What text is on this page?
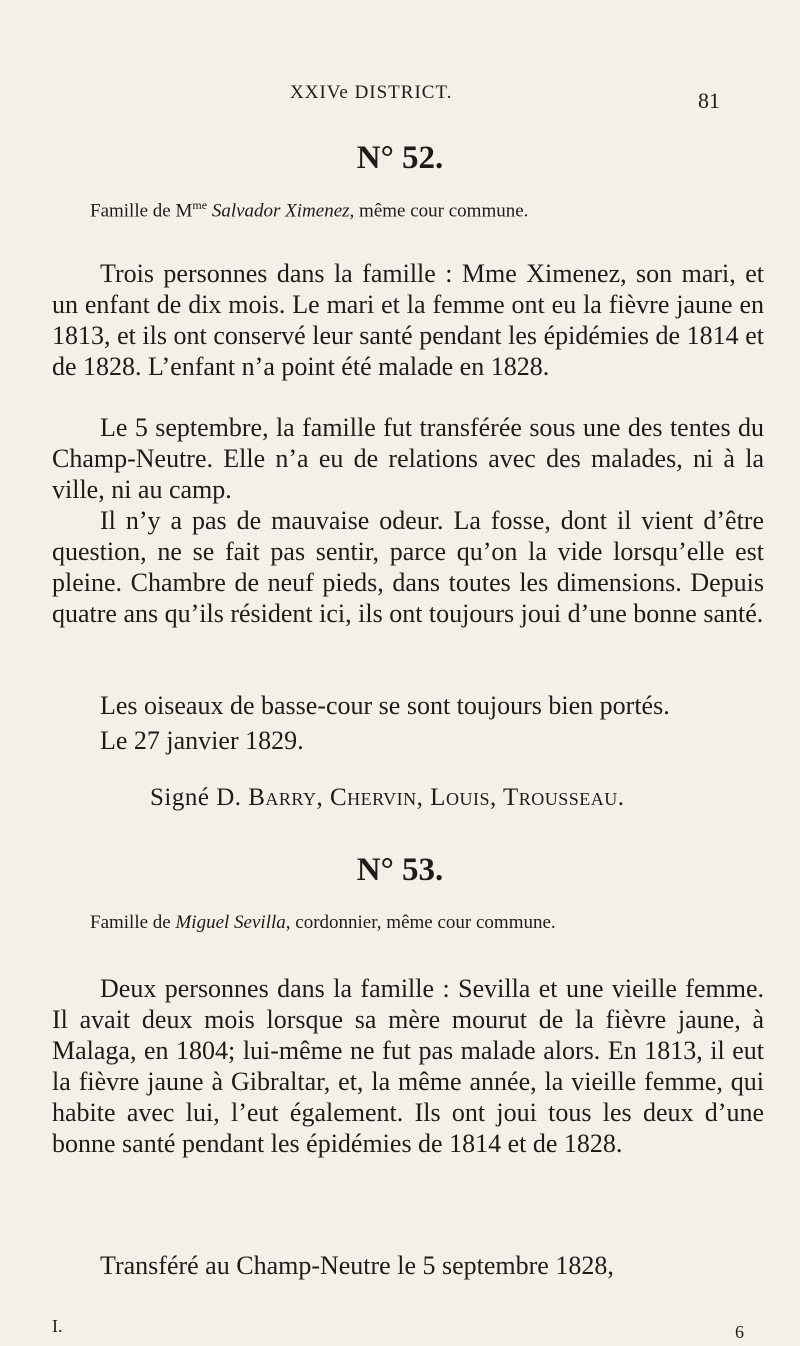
XXIVe DISTRICT.	81
N° 52.
Famille de $M^{me}$ Salvador Ximenez, même cour commune.

Trois personnes dans la famille : Mme Ximenez, son mari, et un enfant de dix mois. Le mari et la femme ont eu la fièvre jaune en 1813, et ils ont conservé leur santé pendant les épidémies de 1814 et de 1828. L’enfant n’a point été malade en 1828.

Le 5 septembre, la famille fut transférée sous une des tentes du Champ-Neutre. Elle n’a eu de relations avec des malades, ni à la ville, ni au camp.

Il n’y a pas de mauvaise odeur. La fosse, dont il vient d’être question, ne se fait pas sentir, parce qu’on la vide lorsqu’elle est pleine. Chambre de neuf pieds, dans toutes les dimensions. Depuis quatre ans qu’ils résident ici, ils ont toujours joui d’une bonne santé.

Les oiseaux de basse-cour se sont toujours bien portés.

Le 27 janvier 1829.
Signé D. Barry, Chervin, Louis, Trousseau.
N° 53.
Famille de Miguel Sevilla, cordonnier, même cour commune.

Deux personnes dans la famille : Sevilla et une vieille femme. Il avait deux mois lorsque sa mère mourut de la fièvre jaune, à Malaga, en 1804; lui-même ne fut pas malade alors. En 1813, il eut la fièvre jaune à Gibraltar, et, la même année, la vieille femme, qui habite avec lui, l’eut également. Ils ont joui tous les deux d’une bonne santé pendant les épidémies de 1814 et de 1828.

Transféré au Champ-Neutre le 5 septembre 1828,

I.	6
